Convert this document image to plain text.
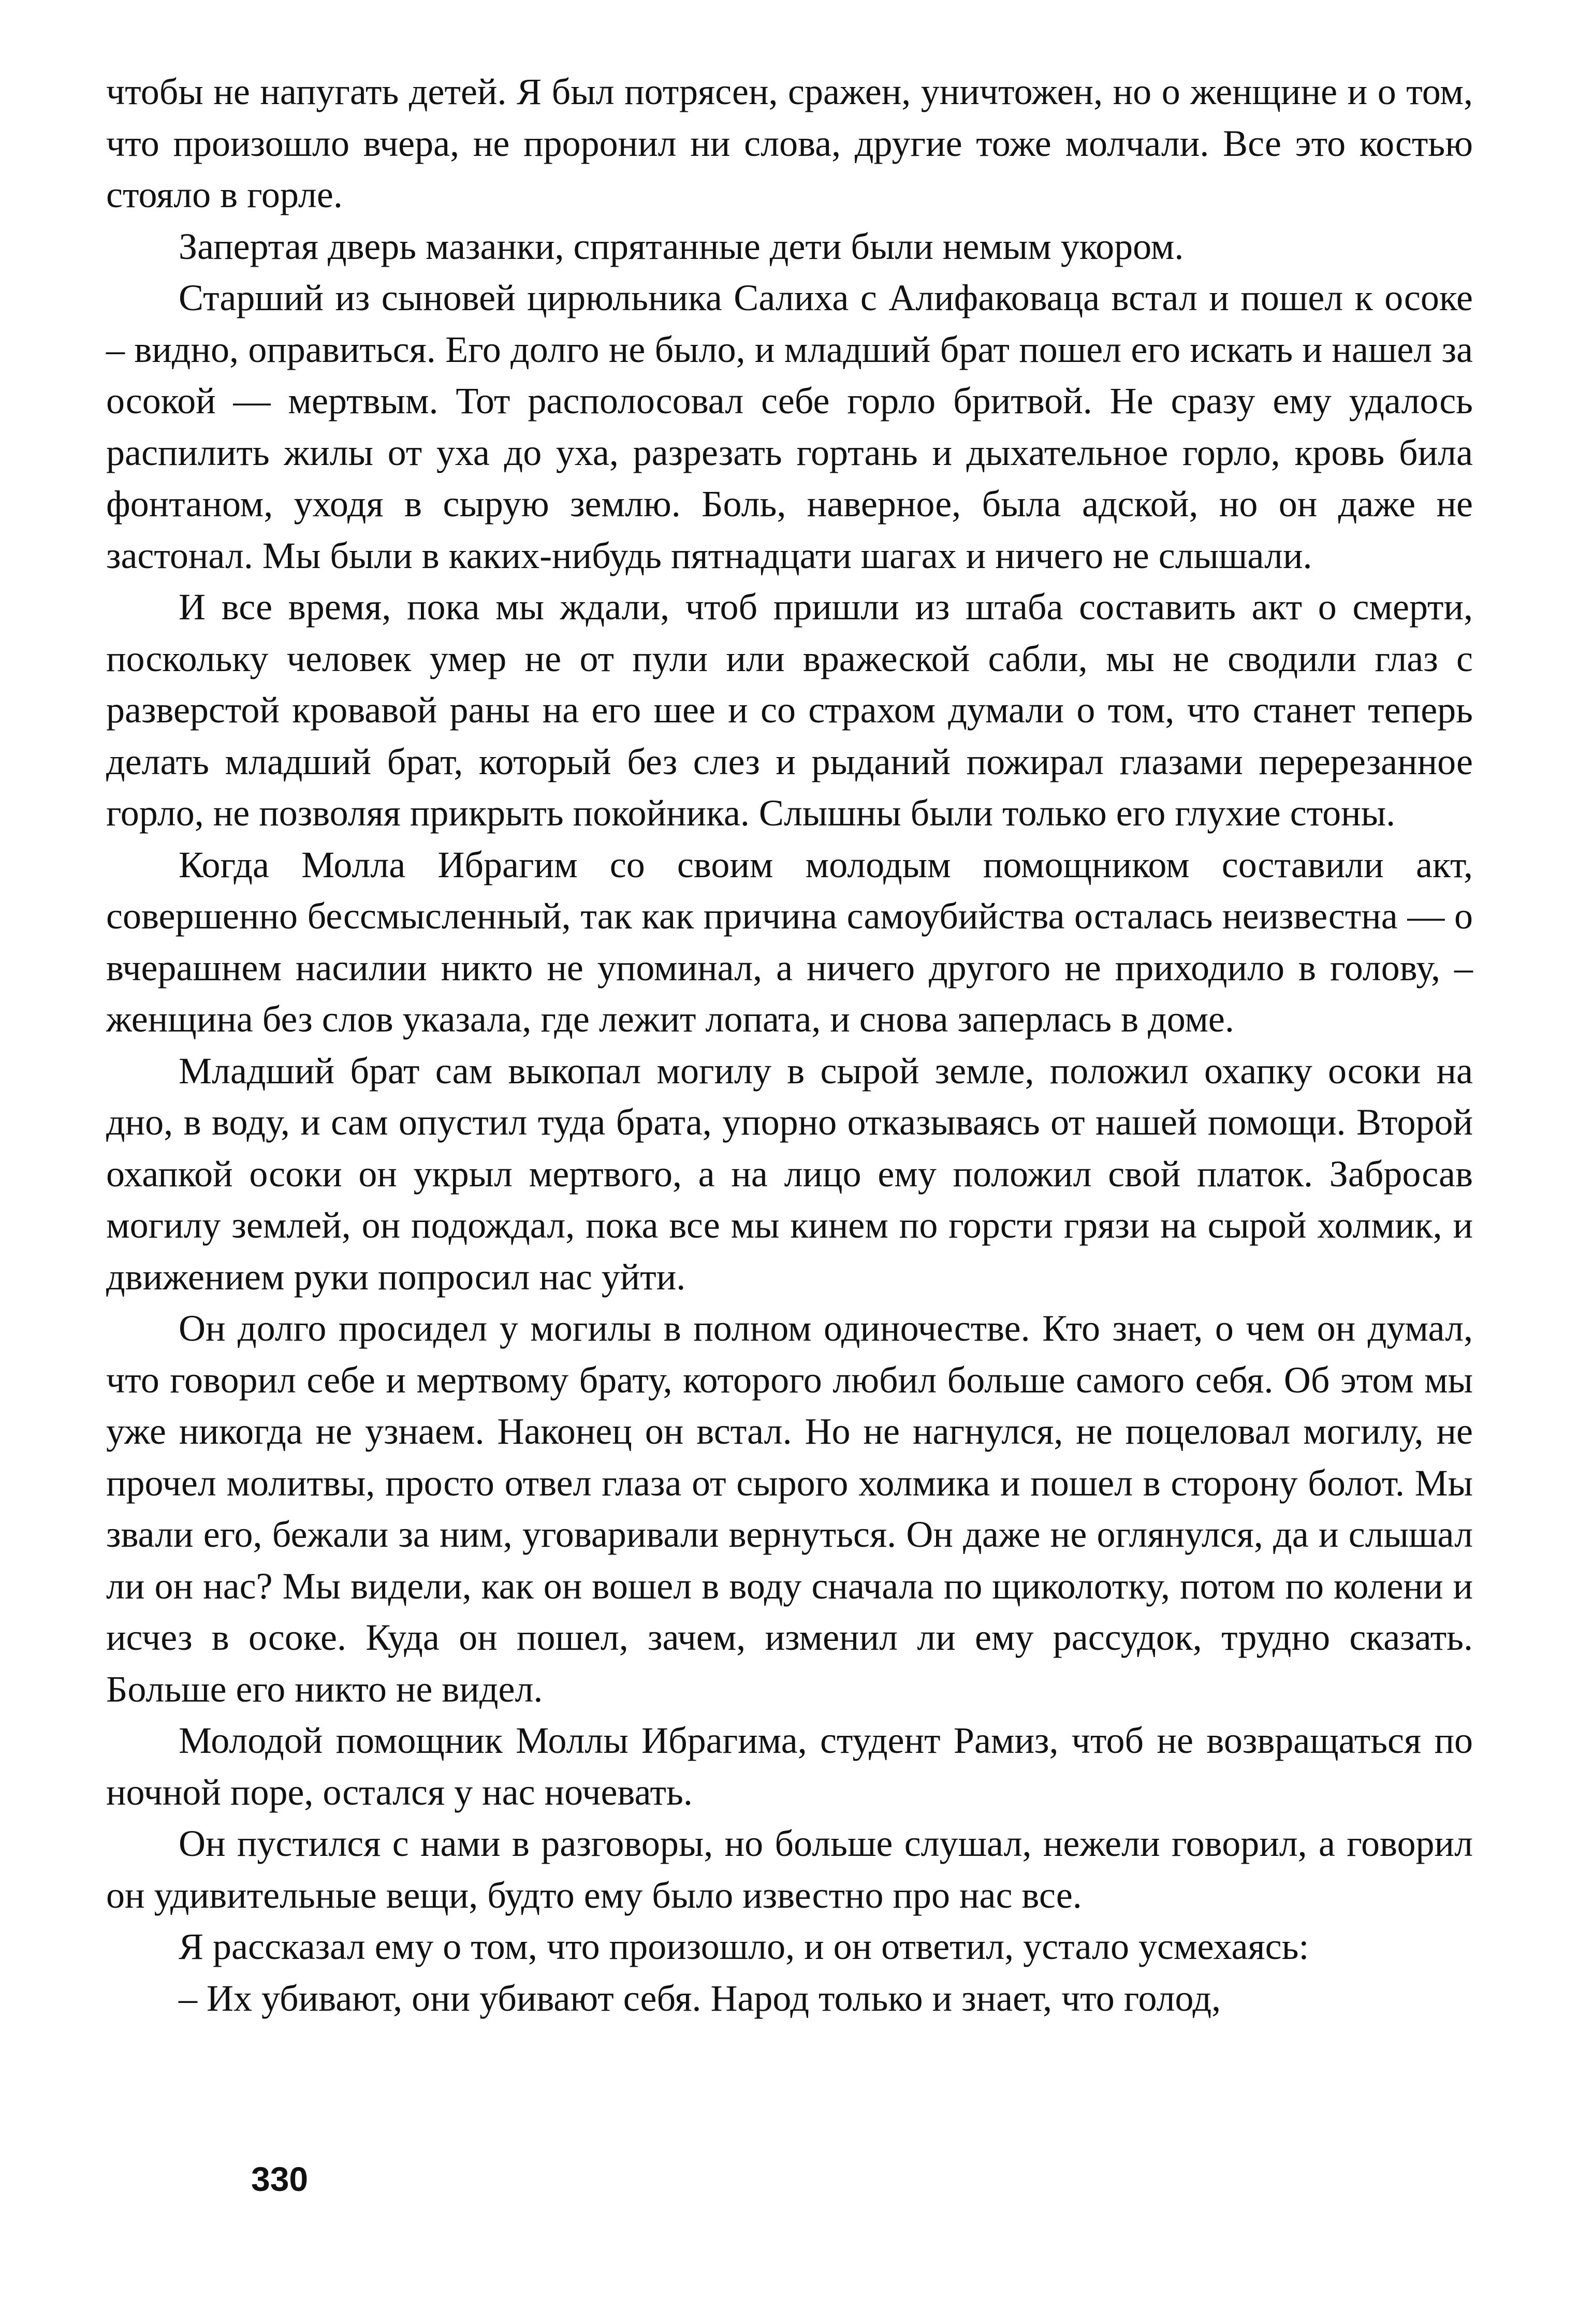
чтобы не напугать детей. Я был потрясен, сражен, уничтожен, но о женщине и о том, что произошло вчера, не проронил ни слова, другие тоже молчали. Все это костью стояло в горле.

Запертая дверь мазанки, спрятанные дети были немым укором.

Старший из сыновей цирюльника Салиха с Алифаковаца встал и пошел к осоке – видно, оправиться. Его долго не было, и младший брат пошел его искать и нашел за осокой — мертвым. Тот располосовал себе горло бритвой. Не сразу ему удалось распилить жилы от уха до уха, разрезать гортань и дыхательное горло, кровь била фонтаном, уходя в сырую землю. Боль, наверное, была адской, но он даже не застонал. Мы были в каких-нибудь пятнадцати шагах и ничего не слышали.

И все время, пока мы ждали, чтоб пришли из штаба составить акт о смерти, поскольку человек умер не от пули или вражеской сабли, мы не сводили глаз с разверстой кровавой раны на его шее и со страхом думали о том, что станет теперь делать младший брат, который без слез и рыданий пожирал глазами перерезанное горло, не позволяя прикрыть покойника. Слышны были только его глухие стоны.

Когда Молла Ибрагим со своим молодым помощником составили акт, совершенно бессмысленный, так как причина самоубийства осталась неизвестна — о вчерашнем насилии никто не упоминал, а ничего другого не приходило в голову, – женщина без слов указала, где лежит лопата, и снова заперлась в доме.

Младший брат сам выкопал могилу в сырой земле, положил охапку осоки на дно, в воду, и сам опустил туда брата, упорно отказываясь от нашей помощи. Второй охапкой осоки он укрыл мертвого, а на лицо ему положил свой платок. Забросав могилу землей, он подождал, пока все мы кинем по горсти грязи на сырой холмик, и движением руки попросил нас уйти.

Он долго просидел у могилы в полном одиночестве. Кто знает, о чем он думал, что говорил себе и мертвому брату, которого любил больше самого себя. Об этом мы уже никогда не узнаем. Наконец он встал. Но не нагнулся, не поцеловал могилу, не прочел молитвы, просто отвел глаза от сырого холмика и пошел в сторону болот. Мы звали его, бежали за ним, уговаривали вернуться. Он даже не оглянулся, да и слышал ли он нас? Мы видели, как он вошел в воду сначала по щиколотку, потом по колени и исчез в осоке. Куда он пошел, зачем, изменил ли ему рассудок, трудно сказать. Больше его никто не видел.

Молодой помощник Моллы Ибрагима, студент Рамиз, чтоб не возвращаться по ночной поре, остался у нас ночевать.

Он пустился с нами в разговоры, но больше слушал, нежели говорил, а говорил он удивительные вещи, будто ему было известно про нас все.

Я рассказал ему о том, что произошло, и он ответил, устало усмехаясь:

– Их убивают, они убивают себя. Народ только и знает, что голод,

330
